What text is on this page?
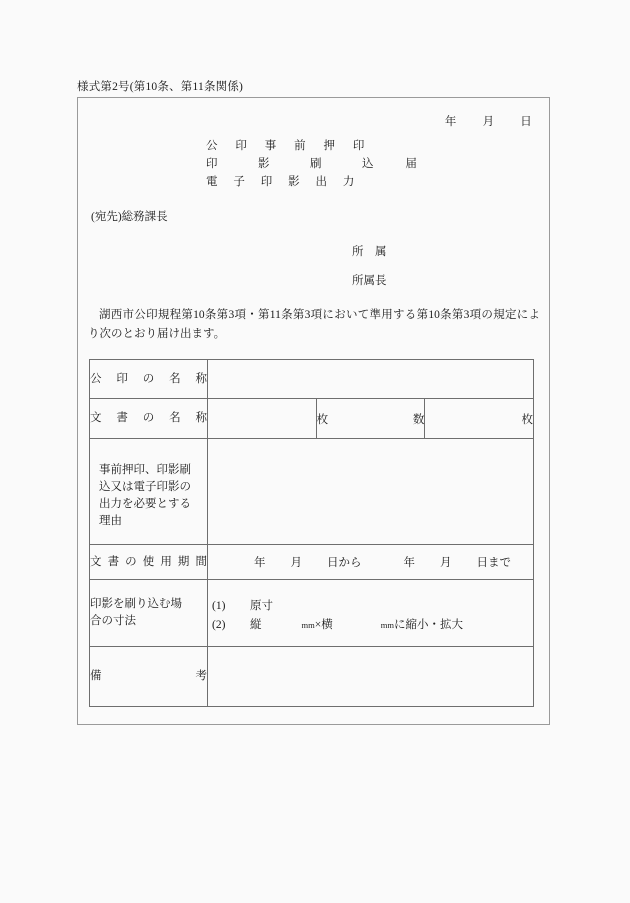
様式第2号(第10条、第11条関係)
年 月 日
公 印 事 前 押 印
印　影　刷　込 届
電 子 印 影 出 力
(宛先)総務課長
所　属
所属長
湖西市公印規程第10条第3項・第11条第3項において準用する第10条第3項の規定により次のとおり届け出ます。
公 印 の 名 称			

文 書 の 名 称		枚 数	枚

事前押印、印影刷
込又は電子印影の
出力を必要とする
理由			

文 書 の 使 用 期 間	年 月 日から	年 月 日まで

印影を刷り込む場
合の寸法

(1) 原寸
(2) 縦	mm×横	mmに縮小・拡大

備 考			
